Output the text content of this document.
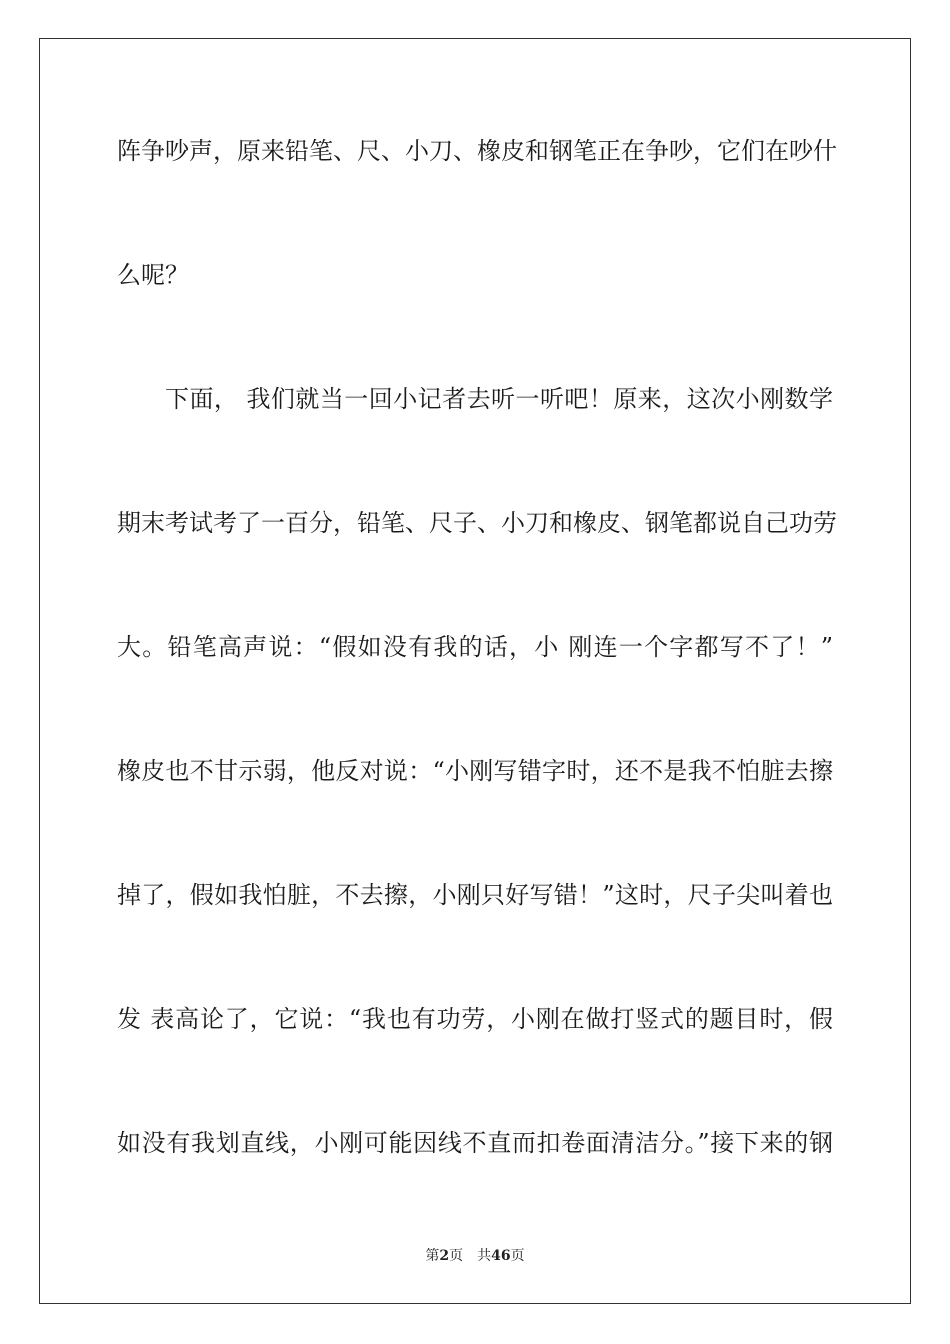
阵争吵声，原来铅笔、尺、小刀、橡皮和钢笔正在争吵，它们在吵什
么呢？
下面， 我们就当一回小记者去听一听吧！原来，这次小刚数学
期末考试考了一百分，铅笔、尺子、小刀和橡皮、钢笔都说自己功劳
大。铅笔高声说：“假如没有我的话，小 刚连一个字都写不了！”
橡皮也不甘示弱，他反对说：“小刚写错字时，还不是我不怕脏去擦
掉了，假如我怕脏，不去擦，小刚只好写错！”这时，尺子尖叫着也
发 表高论了，它说：“我也有功劳，小刚在做打竖式的题目时，假
如没有我划直线，小刚可能因线不直而扣卷面清洁分。”接下来的钢
第2页 共46页
